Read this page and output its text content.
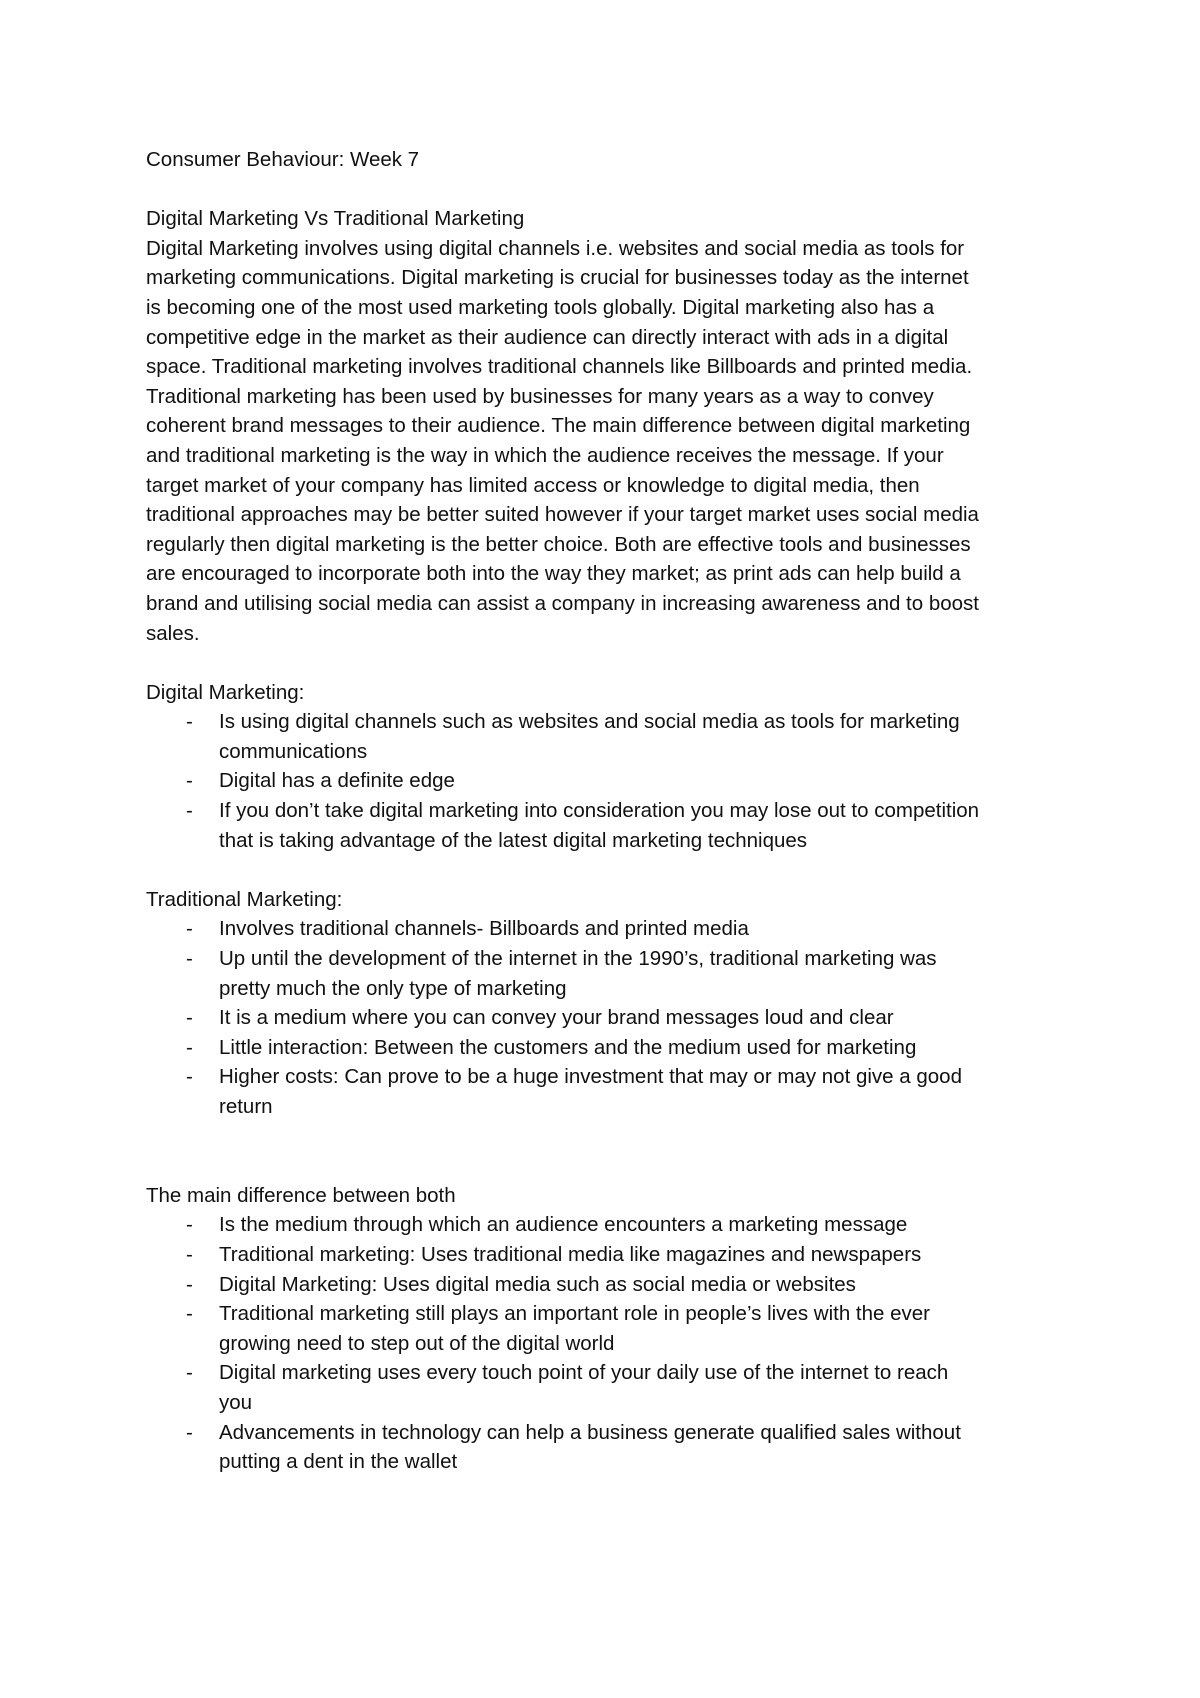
Consumer Behaviour: Week 7

Digital Marketing Vs Traditional Marketing

Digital Marketing involves using digital channels i.e. websites and social media as tools for

marketing communications. Digital marketing is crucial for businesses today as the internet

is becoming one of the most used marketing tools globally. Digital marketing also has a

competitive edge in the market as their audience can directly interact with ads in a digital

space. Traditional marketing involves traditional channels like Billboards and printed media.

Traditional marketing has been used by businesses for many years as a way to convey

coherent brand messages to their audience. The main difference between digital marketing

and traditional marketing is the way in which the audience receives the message. If your

target market of your company has limited access or knowledge to digital media, then

traditional approaches may be better suited however if your target market uses social media

regularly then digital marketing is the better choice. Both are effective tools and businesses

are encouraged to incorporate both into the way they market; as print ads can help build a

brand and utilising social media can assist a company in increasing awareness and to boost

sales.

Digital Marketing:

- Is using digital channels such as websites and social media as tools for marketing
communications
- Digital has a definite edge
- If you don’t take digital marketing into consideration you may lose out to competition
that is taking advantage of the latest digital marketing techniques

Traditional Marketing:

- Involves traditional channels- Billboards and printed media
- Up until the development of the internet in the 1990’s, traditional marketing was
pretty much the only type of marketing
- It is a medium where you can convey your brand messages loud and clear
- Little interaction: Between the customers and the medium used for marketing
- Higher costs: Can prove to be a huge investment that may or may not give a good
return

The main difference between both

- Is the medium through which an audience encounters a marketing message
- Traditional marketing: Uses traditional media like magazines and newspapers
- Digital Marketing: Uses digital media such as social media or websites
- Traditional marketing still plays an important role in people’s lives with the ever
growing need to step out of the digital world
- Digital marketing uses every touch point of your daily use of the internet to reach
you
- Advancements in technology can help a business generate qualified sales without
putting a dent in the wallet
